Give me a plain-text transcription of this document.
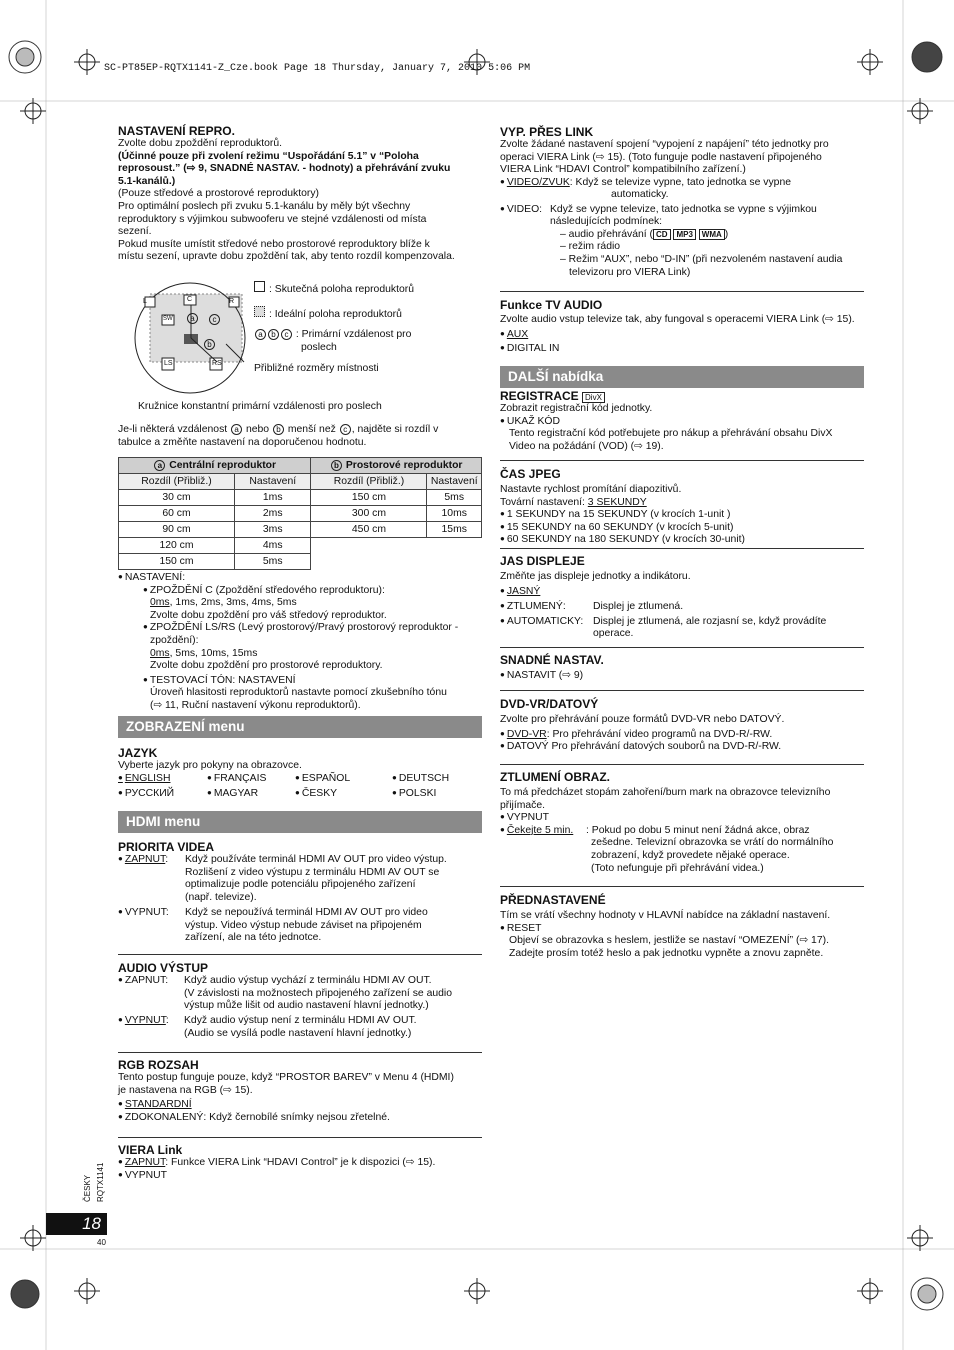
SC-PT85EP-RQTX1141-Z_Cze.book Page 18 Thursday, January 7, 2010 5:06 PM
NASTAVENÍ REPRO.
Zvolte dobu zpoždění reproduktorů.
(Účinné pouze při zvolení režimu “Uspořádání 5.1” v “Poloha
reprosoust.” (⇨ 9, SNADNÉ NASTAV. - hodnoty) a přehrávání zvuku
5.1-kanálů.)
(Pouze středové a prostorové reproduktory)
Pro optimální poslech při zvuku 5.1-kanálu by měly být všechny
reproduktory s výjimkou subwooferu ve stejné vzdálenosti od místa
sezení.
Pokud musíte umístit středové nebo prostorové reproduktory blíže k
místu sezení, upravte dobu zpoždění tak, aby tento rozdíl kompenzovala.
L	C	R
LS	RS
SW	a	c
b
: Skutečná poloha reproduktorů
: Ideální poloha reproduktorů
a b c : Primární vzdálenost pro
poslech
Přibližné rozměry místnosti
Kružnice konstantní primární vzdálenosti pro poslech
Je-li některá vzdálenost a nebo b menší než c , najděte si rozdíl v
tabulce a změňte nastavení na doporučenou hodnotu.
a Centrální reproduktor		b Prostorové reproduktor	
Rozdíl (Přibliž.)	Nastavení	Rozdíl (Přibliž.)	Nastavení
30 cm	1ms	150 cm	5ms
60 cm	2ms	300 cm	10ms
90 cm	3ms	450 cm	15ms
120 cm	4ms		
150 cm	5ms		
● NASTAVENÍ:
● ZPOŽDĚNÍ C (Zpoždění středového reproduktoru):
0ms, 1ms, 2ms, 3ms, 4ms, 5ms
Zvolte dobu zpoždění pro váš středový reproduktor.
● ZPOŽDĚNÍ LS/RS (Levý prostorový/Pravý prostorový reproduktor -
zpoždění):
0ms, 5ms, 10ms, 15ms
Zvolte dobu zpoždění pro prostorové reproduktory.
● TESTOVACÍ TÓN: NASTAVENÍ
Úroveň hlasitosti reproduktorů nastavte pomocí zkušebního tónu
(⇨ 11, Ruční nastavení výkonu reproduktorů).
ZOBRAZENÍ menu
JAZYK
Vyberte jazyk pro pokyny na obrazovce.
● ENGLISH	● FRANÇAIS	● ESPAÑOL	● DEUTSCH
● РУССКИЙ	● MAGYAR	● ČESKY	● POLSKI
HDMI menu
PRIORITA VIDEA
● ZAPNUT: Když používáte terminál HDMI AV OUT pro video výstup.
Rozlišení z video výstupu z terminálu HDMI AV OUT se
optimalizuje podle potenciálu připojeného zařízení
(např. televize).
● VYPNUT: Když se nepoužívá terminál HDMI AV OUT pro video
výstup. Video výstup nebude záviset na připojeném
zařízení, ale na této jednotce.
AUDIO VÝSTUP
● ZAPNUT: Když audio výstup vychází z terminálu HDMI AV OUT.
(V závislosti na možnostech připojeného zařízení se audio
výstup může lišit od audio nastavení hlavní jednotky.)
● VYPNUT: Když audio výstup není z terminálu HDMI AV OUT.
(Audio se vysílá podle nastavení hlavní jednotky.)
RGB ROZSAH
Tento postup funguje pouze, když “PROSTOR BAREV” v Menu 4 (HDMI)
je nastavena na RGB (⇨ 15).
● STANDARDNÍ
● ZDOKONALENÝ: Když černobílé snímky nejsou zřetelné.
VIERA Link
● ZAPNUT: Funkce VIERA Link “HDAVI Control” je k dispozici (⇨ 15).
● VYPNUT
ČESKY RQTX1141
18
40
VYP. PŘES LINK
Zvolte žádané nastavení spojení “vypojení z napájení” této jednotky pro
operaci VIERA Link (⇨ 15). (Toto funguje podle nastavení připojeného
VIERA Link “HDAVI Control” kompatibilního zařízení.)
● VIDEO/ZVUK: Když se televize vypne, tato jednotka se vypne
automaticky.
● VIDEO: Když se vypne televize, tato jednotka se vypne s výjimkou
následujících podmínek:
– audio přehrávání ( CD MP3 WMA )
– režim rádio
– Režim “AUX”, nebo “D-IN” (při nezvoleném nastavení audia
televizoru pro VIERA Link)
Funkce TV AUDIO
Zvolte audio vstup televize tak, aby fungoval s operacemi VIERA Link (⇨ 15).
● AUX
● DIGITAL IN
DALŠÍ nabídka
REGISTRACE DivX
Zobrazit registrační kód jednotky.
● UKAŽ KÓD
Tento registrační kód potřebujete pro nákup a přehrávání obsahu DivX
Video na požádání (VOD) (⇨ 19).
ČAS JPEG
Nastavte rychlost promítání diapozitivů.
Tovární nastavení: 3 SEKUNDY
● 1 SEKUNDY na 15 SEKUNDY (v krocích 1-unit )
● 15 SEKUNDY na 60 SEKUNDY (v krocích 5-unit)
● 60 SEKUNDY na 180 SEKUNDY (v krocích 30-unit)
JAS DISPLEJE
Změňte jas displeje jednotky a indikátoru.
● JASNÝ
● ZTLUMENÝ:	Displej je ztlumená.
● AUTOMATICKY: Displej je ztlumená, ale rozjasní se, když provádíte
operace.
SNADNÉ NASTAV.
● NASTAVIT (⇨ 9)
DVD-VR/DATOVÝ
Zvolte pro přehrávání pouze formátů DVD-VR nebo DATOVÝ.
● DVD-VR: Pro přehrávání video programů na DVD-R/-RW.
● DATOVÝ Pro přehrávání datových souborů na DVD-R/-RW.
ZTLUMENÍ OBRAZ.
To má předcházet stopám zahoření/burn mark na obrazovce televizního
přijímače.
● VYPNUT
● Čekejte 5 min. : Pokud po dobu 5 minut není žádná akce, obraz
zešedne. Televizní obrazovka se vrátí do normálního
zobrazení, když provedete nějaké operace.
(Toto nefunguje při přehrávání videa.)
PŘEDNASTAVENÉ
Tím se vrátí všechny hodnoty v HLAVNÍ nabídce na základní nastavení.
● RESET
Objeví se obrazovka s heslem, jestliže se nastaví “OMEZENÍ” (⇨ 17).
Zadejte prosím totéž heslo a pak jednotku vypněte a znovu zapněte.
